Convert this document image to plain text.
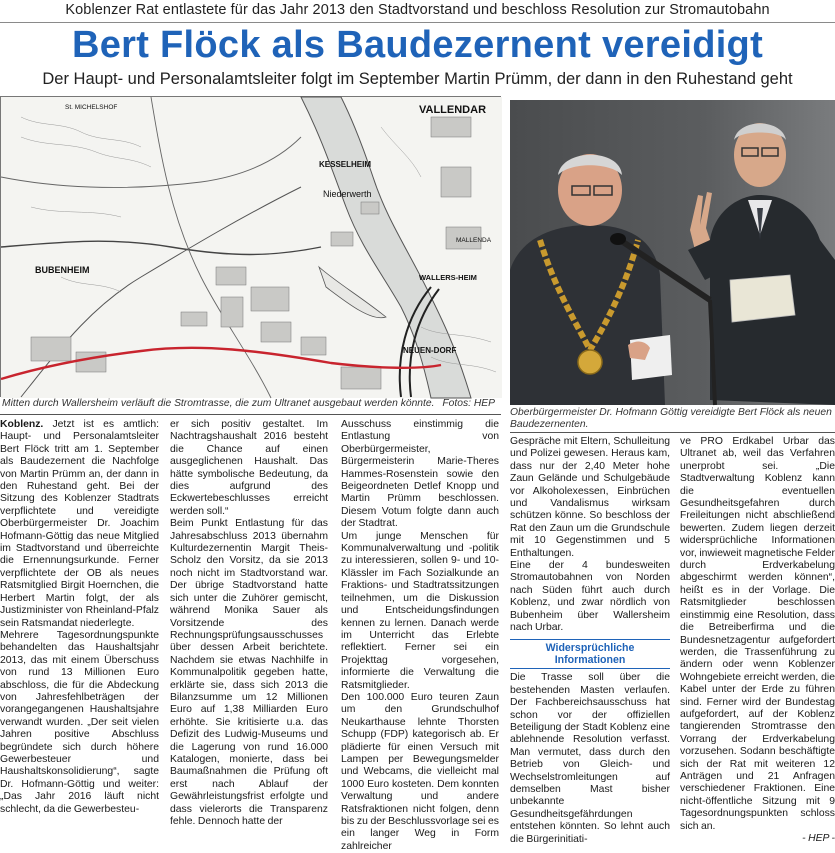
Koblenzer Rat entlastete für das Jahr 2013 den Stadtvorstand und beschloss Resolution zur Stromautobahn
Bert Flöck als Baudezernent vereidigt
Der Haupt- und Personalamtsleiter folgt im September Martin Prümm, der dann in den Ruhestand geht
VALLENDAR
KESSELHEIM
Niederwerth
WALLERS-HEIM
BUBENHEIM
NEUEN-DORF
St. MICHELSHOF
MALLENDA
Mitten durch Wallersheim verläuft die Stromtrasse, die zum Ultranet ausgebaut werden könnte. Fotos: HEP
Oberbürgermeister Dr. Hofmann Göttig vereidigte Bert Flöck als neuen Baudezernenten.

Koblenz. Jetzt ist es amtlich: Haupt- und Personalamtsleiter Bert Flöck tritt am 1. September als Baudezernent die Nachfolge von Martin Prümm an, der dann in den Ruhestand geht. Bei der Sitzung des Koblenzer Stadtrats verpflichtete und vereidigte Oberbürgermeister Dr. Joachim Hofmann-Göttig das neue Mitglied im Stadtvorstand und überreichte die Ernennungsurkunde. Ferner verpflichtete der OB als neues Ratsmitglied Birgit Hoernchen, die Herbert Martin folgt, der als Justizminister von Rheinland-Pfalz sein Ratsmandat niederlegte.

Mehrere Tagesordnungspunkte behandelten das Haushaltsjahr 2013, das mit einem Überschuss von rund 13 Millionen Euro abschloss, die für die Abdeckung von Jahresfehlbeträgen der vorangegangenen Haushaltsjahre verwandt wurden. „Der seit vielen Jahren positive Abschluss begründete sich durch höhere Gewerbesteuer und Haushaltskonsolidierung“, sagte Dr. Hofmann-Göttig und weiter: „Das Jahr 2016 läuft nicht schlecht, da die Gewerbesteu-

er sich positiv gestaltet. Im Nachtragshaushalt 2016 besteht die Chance auf einen ausgeglichenen Haushalt. Das hätte symbolische Bedeutung, da dies aufgrund des Eckwertebeschlusses erreicht werden soll.“

Beim Punkt Entlastung für das Jahresabschluss 2013 übernahm Kulturdezernentin Margit Theis-Scholz den Vorsitz, da sie 2013 noch nicht im Stadtvorstand war. Der übrige Stadtvorstand hatte sich unter die Zuhörer gemischt, während Monika Sauer als Vorsitzende des Rechnungsprüfungsausschusses über dessen Arbeit berichtete. Nachdem sie etwas Nachhilfe in Kommunalpolitik gegeben hatte, erklärte sie, dass sich 2013 die Bilanzsumme um 12 Millionen Euro auf 1,38 Milliarden Euro erhöhte. Sie kritisierte u.a. das Defizit des Ludwig-Museums und die Lagerung von rund 16.000 Katalogen, monierte, dass bei Baumaßnahmen die Prüfung oft erst nach Ablauf der Gewährleistungsfrist erfolgte und dass vielerorts die Transparenz fehle. Dennoch hatte der

Ausschuss einstimmig die Entlastung von Oberbürgermeister, Bürgermeisterin Marie-Theres Hammes-Rosenstein sowie den Beigeordneten Detlef Knopp und Martin Prümm beschlossen. Diesem Votum folgte dann auch der Stadtrat.

Um junge Menschen für Kommunalverwaltung und -politik zu interessieren, sollen 9- und 10-Klässler im Fach Sozialkunde an Fraktions- und Stadtratssitzungen teilnehmen, um die Diskussion und Entscheidungsfindungen kennen zu lernen. Danach werde im Unterricht das Erlebte reflektiert. Ferner sei ein Projekttag vorgesehen, informierte die Verwaltung die Ratsmitglieder.

Den 100.000 Euro teuren Zaun um den Grundschulhof Neukarthause lehnte Thorsten Schupp (FDP) kategorisch ab. Er plädierte für einen Versuch mit Lampen per Bewegungsmelder und Webcams, die vielleicht mal 1000 Euro kosteten. Dem konnten Verwaltung und andere Ratsfraktionen nicht folgen, denn bis zu der Beschlussvorlage sei es ein langer Weg in Form zahlreicher

Gespräche mit Eltern, Schulleitung und Polizei gewesen. Heraus kam, dass nur der 2,40 Meter hohe Zaun Gelände und Schulgebäude vor Alkoholexessen, Einbrüchen und Vandalismus wirksam schützen könne. So beschloss der Rat den Zaun um die Grundschule mit 10 Gegenstimmen und 5 Enthaltungen.

Eine der 4 bundesweiten Stromautobahnen von Norden nach Süden führt auch durch Koblenz, und zwar nördlich von Bubenheim über Wallersheim nach Urbar.

Widersprüchliche Informationen

Die Trasse soll über die bestehenden Masten verlaufen. Der Fachbereichsausschuss hat schon vor der offiziellen Beteiligung der Stadt Koblenz eine ablehnende Resolution verfasst. Man vermutet, dass durch den Betrieb von Gleich- und Wechselstromleitungen auf demselben Mast bisher unbekannte Gesundheitsgefährdungen entstehen könnten. So lehnt auch die Bürgerinitiati-

ve PRO Erdkabel Urbar das Ultranet ab, weil das Verfahren unerprobt sei. „Die Stadtverwaltung Koblenz kann die eventuellen Gesundheitsgefahren durch Freileitungen nicht abschließend bewerten. Zudem liegen derzeit widersprüchliche Informationen vor, inwieweit magnetische Felder durch Erdverkabelung abgeschirmt werden können“, heißt es in der Vorlage. Die Ratsmitglieder beschlossen einstimmig eine Resolution, dass die Betreiberfirma und die Bundesnetzagentur aufgefordert werden, die Trassenführung zu ändern oder wenn Koblenzer Wohngebiete erreicht werden, die Kabel unter der Erde zu führen sind. Ferner wird der Bundestag aufgefordert, auf der Koblenz tangierenden Stromtrasse den Vorrang der Erdverkabelung vorzusehen. Sodann beschäftigte sich der Rat mit weiteren 12 Anträgen und 21 Anfragen verschiedener Fraktionen. Eine nicht-öffentliche Sitzung mit 9 Tagesordnungspunkten schloss sich an.

- HEP -
